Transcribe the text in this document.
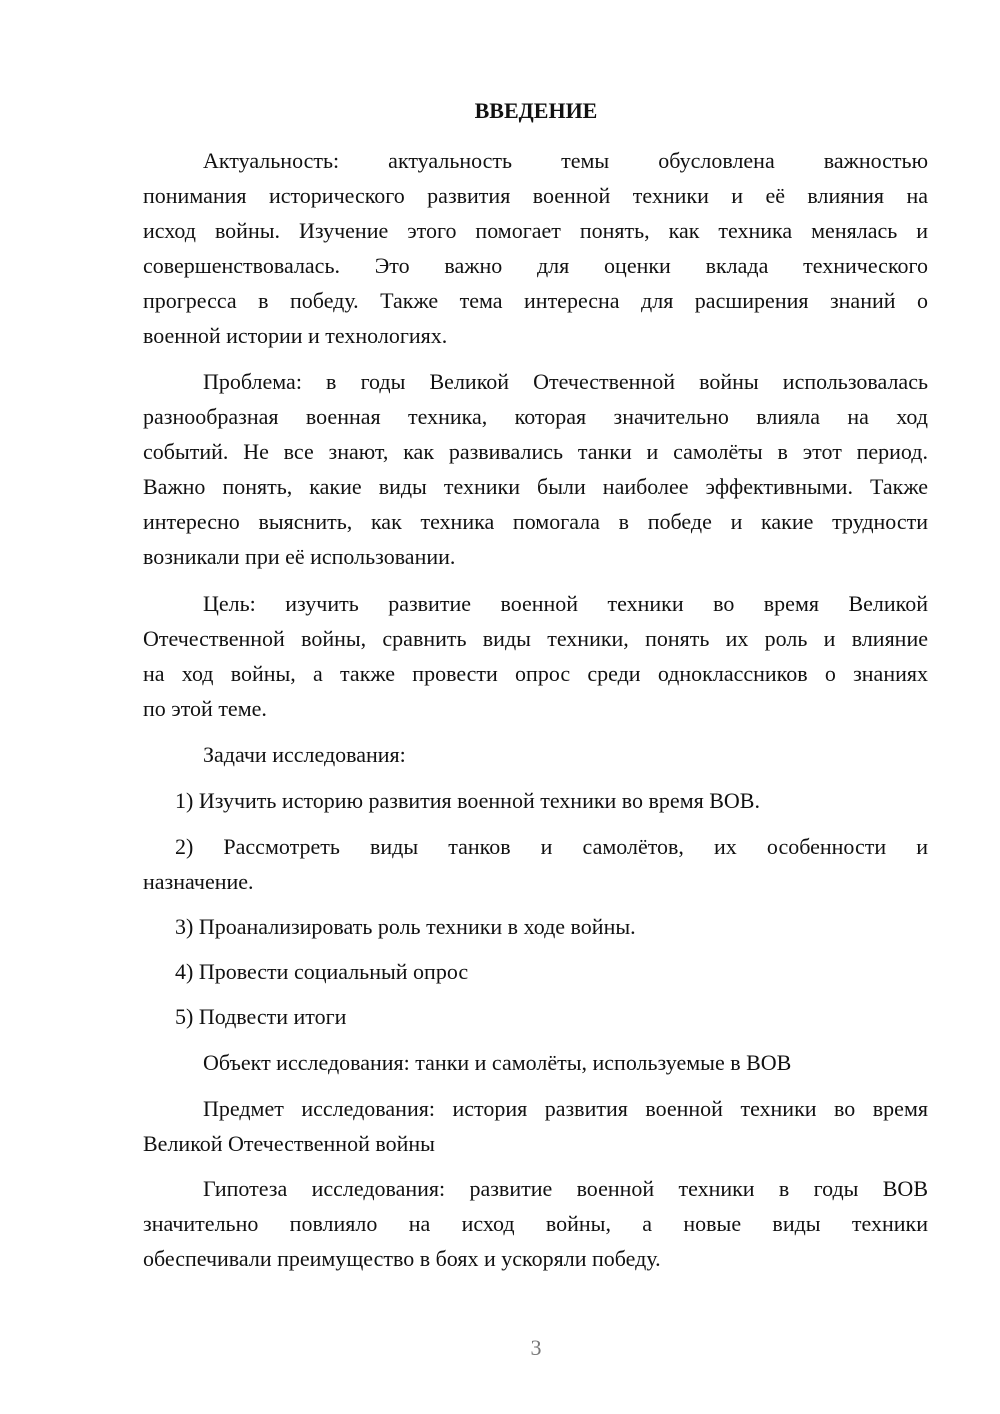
ВВЕДЕНИЕ
Актуальность: актуальность темы обусловлена важностью
понимания исторического развития военной техники и её влияния на
исход войны. Изучение этого помогает понять, как техника менялась и
совершенствовалась. Это важно для оценки вклада технического
прогресса в победу. Также тема интересна для расширения знаний о
военной истории и технологиях.
Проблема: в годы Великой Отечественной войны использовалась
разнообразная военная техника, которая значительно влияла на ход
событий. Не все знают, как развивались танки и самолёты в этот период.
Важно понять, какие виды техники были наиболее эффективными. Также
интересно выяснить, как техника помогала в победе и какие трудности
возникали при её использовании.
Цель: изучить развитие военной техники во время Великой
Отечественной войны, сравнить виды техники, понять их роль и влияние
на ход войны, а также провести опрос среди одноклассников о знаниях
по этой теме.
Задачи исследования:
1) Изучить историю развития военной техники во время ВОВ.
2) Рассмотреть виды танков и самолётов, их особенности и
назначение.
3) Проанализировать роль техники в ходе войны.
4) Провести социальный опрос
5) Подвести итоги
Объект исследования: танки и самолёты, используемые в ВОВ
Предмет исследования: история развития военной техники во время
Великой Отечественной войны
Гипотеза исследования: развитие военной техники в годы ВОВ
значительно повлияло на исход войны, а новые виды техники
обеспечивали преимущество в боях и ускоряли победу.
3
